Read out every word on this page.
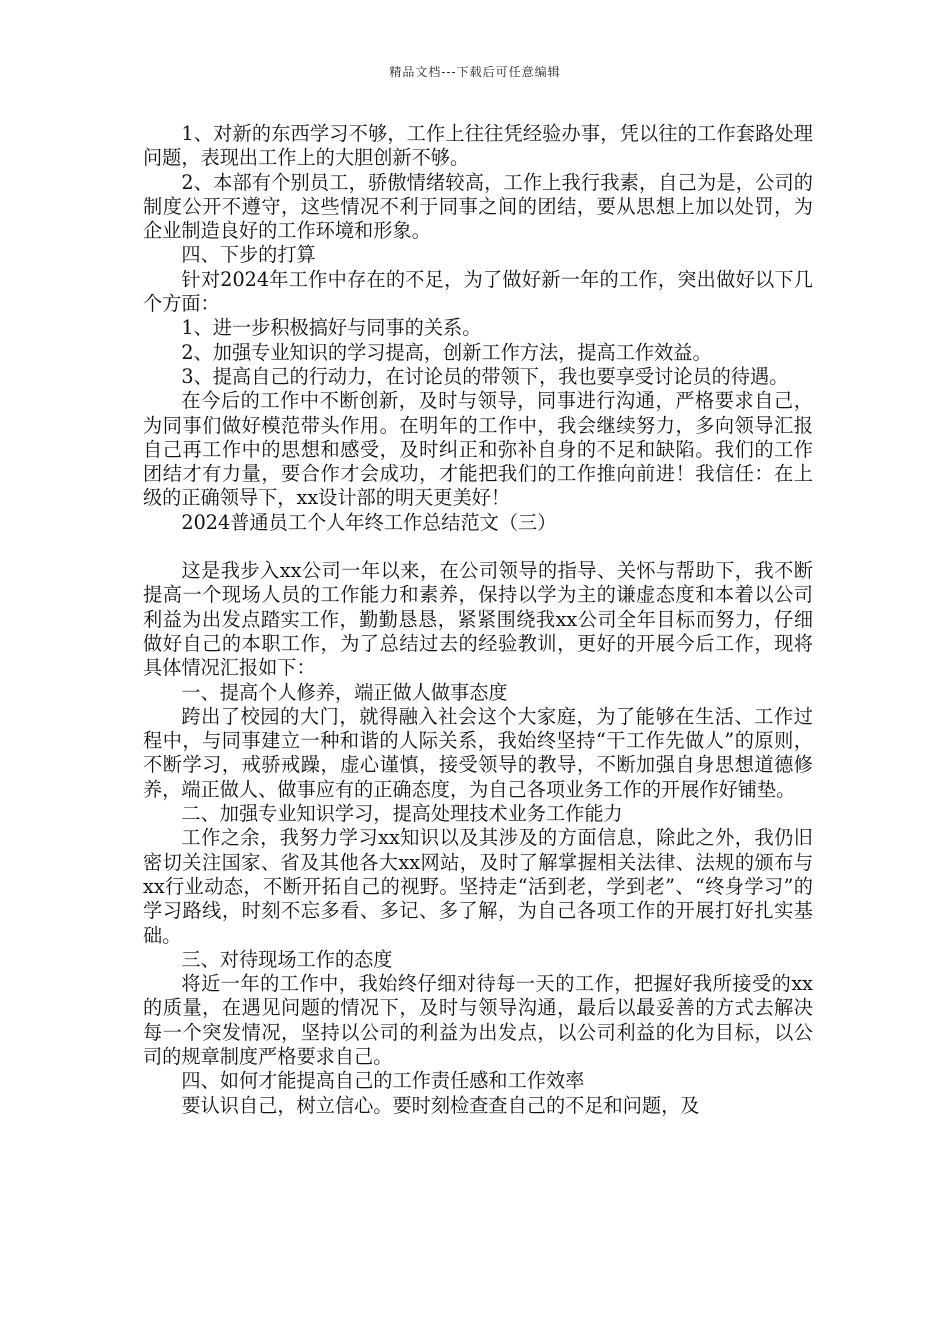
精品文档---下载后可任意编辑

1、对新的东西学习不够，工作上往往凭经验办事，凭以往的工作套路处理问题，表现出工作上的大胆创新不够。

2、本部有个别员工，骄傲情绪较高，工作上我行我素，自己为是，公司的制度公开不遵守，这些情况不利于同事之间的团结，要从思想上加以处罚，为企业制造良好的工作环境和形象。

四、下步的打算

针对2024年工作中存在的不足，为了做好新一年的工作，突出做好以下几个方面：

1、进一步积极搞好与同事的关系。

2、加强专业知识的学习提高，创新工作方法，提高工作效益。

3、提高自己的行动力，在讨论员的带领下，我也要享受讨论员的待遇。

在今后的工作中不断创新，及时与领导，同事进行沟通，严格要求自己，为同事们做好模范带头作用。在明年的工作中，我会继续努力，多向领导汇报自己再工作中的思想和感受，及时纠正和弥补自身的不足和缺陷。我们的工作团结才有力量，要合作才会成功，才能把我们的工作推向前进！我信任：在上级的正确领导下，xx设计部的明天更美好！

2024普通员工个人年终工作总结范文（三）

这是我步入xx公司一年以来，在公司领导的指导、关怀与帮助下，我不断提高一个现场人员的工作能力和素养，保持以学为主的谦虚态度和本着以公司利益为出发点踏实工作，勤勤恳恳，紧紧围绕我xx公司全年目标而努力，仔细做好自己的本职工作，为了总结过去的经验教训，更好的开展今后工作，现将具体情况汇报如下：

一、提高个人修养，端正做人做事态度

跨出了校园的大门，就得融入社会这个大家庭，为了能够在生活、工作过程中，与同事建立一种和谐的人际关系，我始终坚持“干工作先做人”的原则，不断学习，戒骄戒躁，虚心谨慎，接受领导的教导，不断加强自身思想道德修养，端正做人、做事应有的正确态度，为自己各项业务工作的开展作好铺垫。

二、加强专业知识学习，提高处理技术业务工作能力

工作之余，我努力学习xx知识以及其涉及的方面信息，除此之外，我仍旧密切关注国家、省及其他各大xx网站，及时了解掌握相关法律、法规的颁布与xx行业动态，不断开拓自己的视野。坚持走“活到老，学到老”、“终身学习”的学习路线，时刻不忘多看、多记、多了解，为自己各项工作的开展打好扎实基础。

三、对待现场工作的态度

将近一年的工作中，我始终仔细对待每一天的工作，把握好我所接受的xx的质量，在遇见问题的情况下，及时与领导沟通，最后以最妥善的方式去解决每一个突发情况，坚持以公司的利益为出发点，以公司利益的化为目标，以公司的规章制度严格要求自己。

四、如何才能提高自己的工作责任感和工作效率

要认识自己，树立信心。要时刻检查查自己的不足和问题，及
